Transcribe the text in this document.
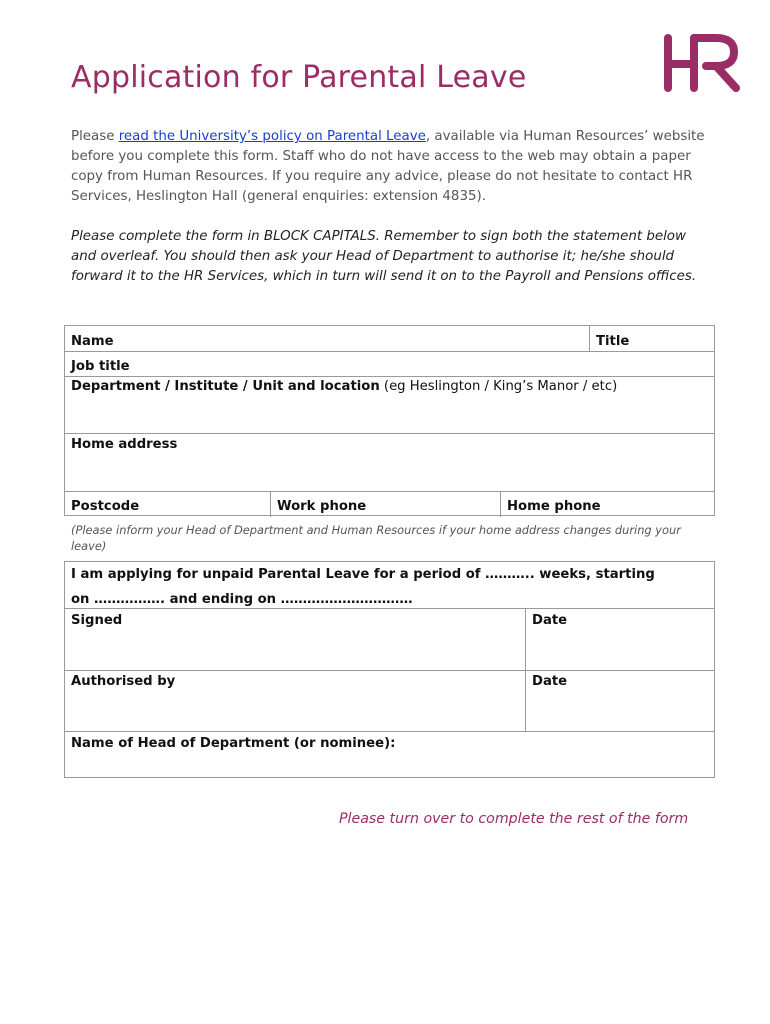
Application for Parental Leave

Please read the University’s policy on Parental Leave, available via Human Resources’ website before you complete this form. Staff who do not have access to the web may obtain a paper copy from Human Resources. If you require any advice, please do not hesitate to contact HR Services, Heslington Hall (general enquiries: extension 4835).

Please complete the form in BLOCK CAPITALS. Remember to sign both the statement below and overleaf. You should then ask your Head of Department to authorise it; he/she should forward it to the HR Services, which in turn will send it on to the Payroll and Pensions offices.

Name	Title
Job title
Department / Institute / Unit and location (eg Heslington / King’s Manor / etc)
Home address
Postcode	Work phone	Home phone

(Please inform your Head of Department and Human Resources if your home address changes during your leave)

I am applying for unpaid Parental Leave for a period of ……….. weeks, starting
on ……………. and ending on …………………………
Signed	Date
Authorised by	Date
Name of Head of Department (or nominee):

Please turn over to complete the rest of the form
